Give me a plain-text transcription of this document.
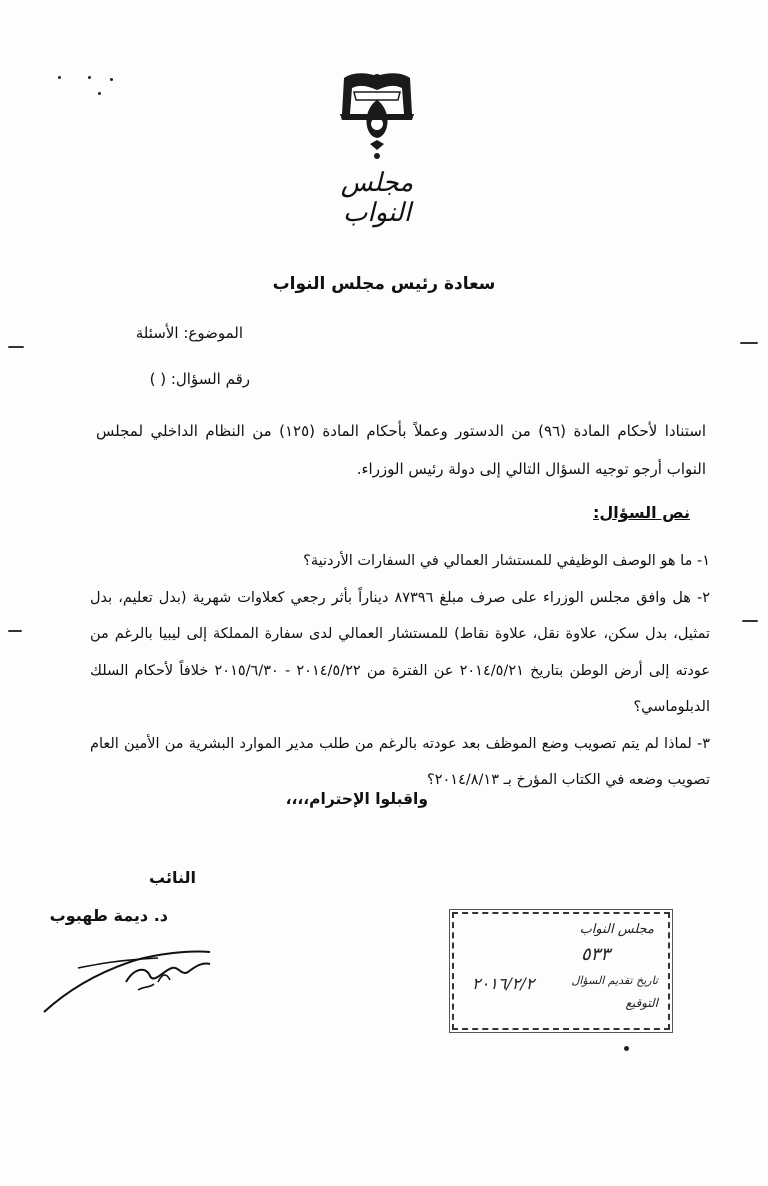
مجلس النواب
سعادة رئيس مجلس النواب
الموضوع: الأسئلة
رقم السؤال: ( )
استنادا لأحكام المادة (٩٦) من الدستور وعملاً بأحكام المادة (١٢٥) من النظام الداخلي لمجلس النواب أرجو توجيه السؤال التالي إلى دولة رئيس الوزراء.
نص السؤال:
١- ما هو الوصف الوظيفي للمستشار العمالي في السفارات الأردنية؟
٢- هل وافق مجلس الوزراء على صرف مبلغ ٨٧٣٩٦ ديناراً بأثر رجعي كعلاوات شهرية (بدل تعليم، بدل تمثيل، بدل سكن، علاوة نقل، علاوة نقاط) للمستشار العمالي لدى سفارة المملكة إلى ليبيا بالرغم من عودته إلى أرض الوطن بتاريخ ٢٠١٤/٥/٢١ عن الفترة من ٢٠١٤/٥/٢٢ - ٢٠١٥/٦/٣٠ خلافاً لأحكام السلك الدبلوماسي؟
٣- لماذا لم يتم تصويب وضع الموظف بعد عودته بالرغم من طلب مدير الموارد البشرية من الأمين العام تصويب وضعه في الكتاب المؤرخ بـ ٢٠١٤/٨/١٣؟
واقبلوا الإحترام،،،،
النائب
د. ديمة طهبوب
مجلس النواب
٥٣٣
تاريخ تقديم السؤال
التوقيع
٢٠١٦/٢/٢
